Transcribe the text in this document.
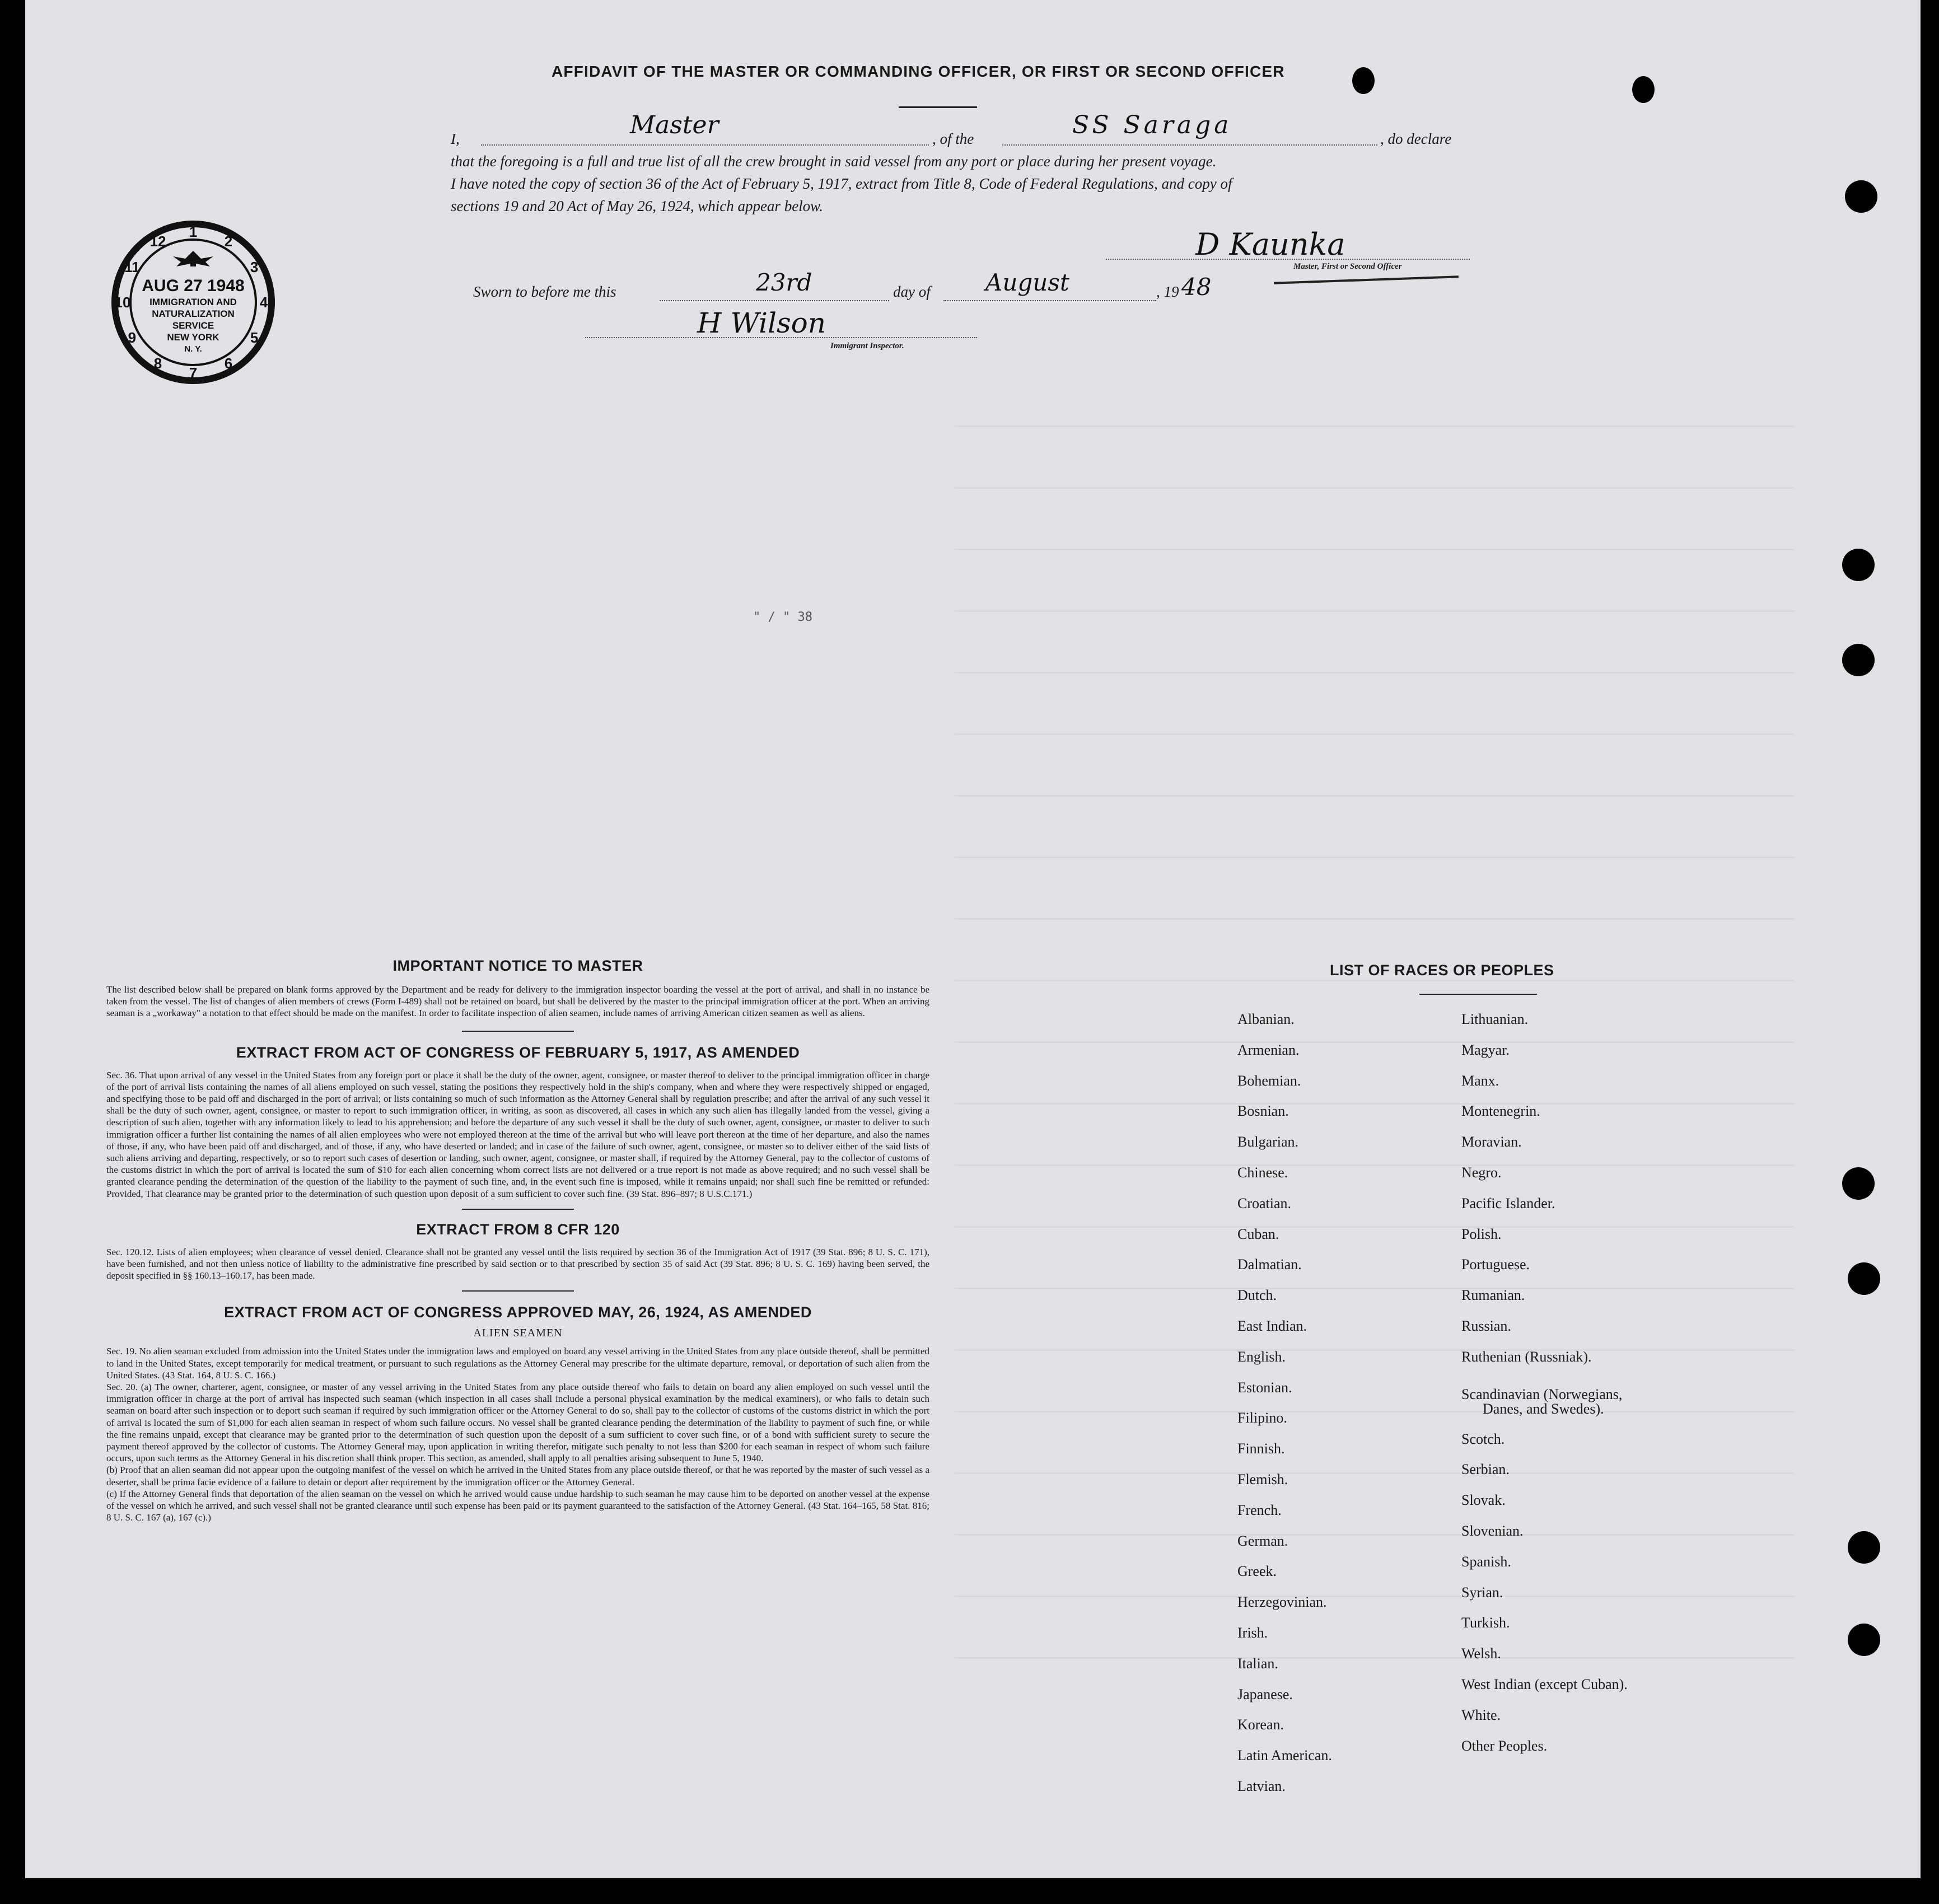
" / " 38
AFFIDAVIT OF THE MASTER OR COMMANDING OFFICER, OR FIRST OR SECOND OFFICER
I,	Master	, of the	SS Saraga	, do declare
that the foregoing is a full and true list of all the crew brought in said vessel from any port or place during her present voyage.
I have noted the copy of section 36 of the Act of February 5, 1917, extract from Title 8, Code of Federal Regulations, and copy of
sections 19 and 20 Act of May 26, 1924, which appear below.
D Kaunka
Master, First or Second Officer
Sworn to before me this	23rd	day of August	, 19 48
H Wilson
Immigrant Inspector.
1
2
3
4
5
6
7
8
9
10
11
12
AUG 27 1948
IMMIGRATION AND
NATURALIZATION
SERVICE
NEW YORK
N. Y.
IMPORTANT NOTICE TO MASTER
The list described below shall be prepared on blank forms approved by the Department and be ready for delivery to the immigration inspector boarding the vessel at the port of arrival, and shall in no instance be taken from the vessel. The list of changes of alien members of crews (Form I-489) shall not be retained on board, but shall be delivered by the master to the principal immigration officer at the port. When an arriving seaman is a „workaway" a notation to that effect should be made on the manifest. In order to facilitate inspection of alien seamen, include names of arriving American citizen seamen as well as aliens.
EXTRACT FROM ACT OF CONGRESS OF FEBRUARY 5, 1917, AS AMENDED
Sec. 36. That upon arrival of any vessel in the United States from any foreign port or place it shall be the duty of the owner, agent, consignee, or master thereof to deliver to the principal immigration officer in charge of the port of arrival lists containing the names of all aliens employed on such vessel, stating the positions they respectively hold in the ship's company, when and where they were respectively shipped or engaged, and specifying those to be paid off and discharged in the port of arrival; or lists containing so much of such information as the Attorney General shall by regulation prescribe; and after the arrival of any such vessel it shall be the duty of such owner, agent, consignee, or master to report to such immigration officer, in writing, as soon as discovered, all cases in which any such alien has illegally landed from the vessel, giving a description of such alien, together with any information likely to lead to his apprehension; and before the departure of any such vessel it shall be the duty of such owner, agent, consignee, or master to deliver to such immigration officer a further list containing the names of all alien employees who were not employed thereon at the time of the arrival but who will leave port thereon at the time of her departure, and also the names of those, if any, who have been paid off and discharged, and of those, if any, who have deserted or landed; and in case of the failure of such owner, agent, consignee, or master so to deliver either of the said lists of such aliens arriving and departing, respectively, or so to report such cases of desertion or landing, such owner, agent, consignee, or master shall, if required by the Attorney General, pay to the collector of customs of the customs district in which the port of arrival is located the sum of $10 for each alien concerning whom correct lists are not delivered or a true report is not made as above required; and no such vessel shall be granted clearance pending the determination of the question of the liability to the payment of such fine, and, in the event such fine is imposed, while it remains unpaid; nor shall such fine be remitted or refunded: Provided, That clearance may be granted prior to the determination of such question upon deposit of a sum sufficient to cover such fine. (39 Stat. 896–897; 8 U.S.C.171.)
EXTRACT FROM 8 CFR 120
Sec. 120.12. Lists of alien employees; when clearance of vessel denied. Clearance shall not be granted any vessel until the lists required by section 36 of the Immigration Act of 1917 (39 Stat. 896; 8 U. S. C. 171), have been furnished, and not then unless notice of liability to the administrative fine prescribed by said section or to that prescribed by section 35 of said Act (39 Stat. 896; 8 U. S. C. 169) having been served, the deposit specified in §§ 160.13–160.17, has been made.
EXTRACT FROM ACT OF CONGRESS APPROVED MAY, 26, 1924, AS AMENDED
ALIEN SEAMEN
Sec. 19. No alien seaman excluded from admission into the United States under the immigration laws and employed on board any vessel arriving in the United States from any place outside thereof, shall be permitted to land in the United States, except temporarily for medical treatment, or pursuant to such regulations as the Attorney General may prescribe for the ultimate departure, removal, or deportation of such alien from the United States. (43 Stat. 164, 8 U. S. C. 166.)
Sec. 20. (a) The owner, charterer, agent, consignee, or master of any vessel arriving in the United States from any place outside thereof who fails to detain on board any alien employed on such vessel until the immigration officer in charge at the port of arrival has inspected such seaman (which inspection in all cases shall include a personal physical examination by the medical examiners), or who fails to detain such seaman on board after such inspection or to deport such seaman if required by such immigration officer or the Attorney General to do so, shall pay to the collector of customs of the customs district in which the port of arrival is located the sum of $1,000 for each alien seaman in respect of whom such failure occurs. No vessel shall be granted clearance pending the determination of the liability to payment of such fine, or while the fine remains unpaid, except that clearance may be granted prior to the determination of such question upon the deposit of a sum sufficient to cover such fine, or of a bond with sufficient surety to secure the payment thereof approved by the collector of customs. The Attorney General may, upon application in writing therefor, mitigate such penalty to not less than $200 for each seaman in respect of whom such failure occurs, upon such terms as the Attorney General in his discretion shall think proper. This section, as amended, shall apply to all penalties arising subsequent to June 5, 1940.
(b) Proof that an alien seaman did not appear upon the outgoing manifest of the vessel on which he arrived in the United States from any place outside thereof, or that he was reported by the master of such vessel as a deserter, shall be prima facie evidence of a failure to detain or deport after requirement by the immigration officer or the Attorney General.
(c) If the Attorney General finds that deportation of the alien seaman on the vessel on which he arrived would cause undue hardship to such seaman he may cause him to be deported on another vessel at the expense of the vessel on which he arrived, and such vessel shall not be granted clearance until such expense has been paid or its payment guaranteed to the satisfaction of the Attorney General. (43 Stat. 164–165, 58 Stat. 816; 8 U. S. C. 167 (a), 167 (c).)
LIST OF RACES OR PEOPLES
Albanian.
Armenian.
Bohemian.
Bosnian.
Bulgarian.
Chinese.
Croatian.
Cuban.
Dalmatian.
Dutch.
East Indian.
English.
Estonian.
Filipino.
Finnish.
Flemish.
French.
German.
Greek.
Herzegovinian.
Irish.
Italian.
Japanese.
Korean.
Latin American.
Latvian.
Lithuanian.
Magyar.
Manx.
Montenegrin.
Moravian.
Negro.
Pacific Islander.
Polish.
Portuguese.
Rumanian.
Russian.
Ruthenian (Russniak).
Scandinavian (Norwegians,
Danes, and Swedes).
Scotch.
Serbian.
Slovak.
Slovenian.
Spanish.
Syrian.
Turkish.
Welsh.
West Indian (except Cuban).
White.
Other Peoples.
